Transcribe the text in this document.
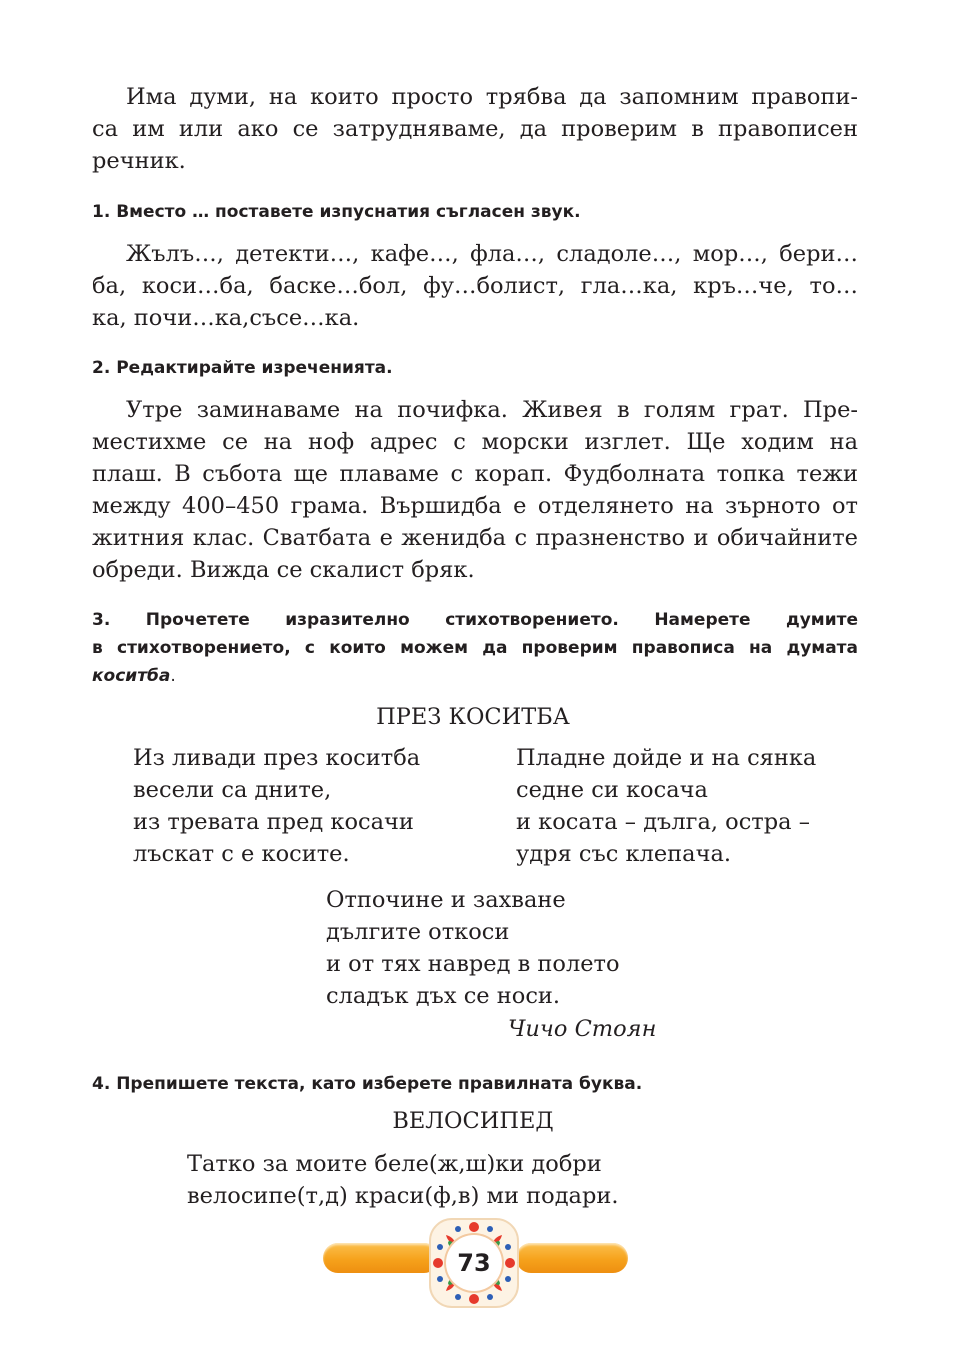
Има думи, на които просто трябва да запомним правопи-
са им или ако се затрудняваме, да проверим в правописен
речник.
1. Вместо … поставете изпуснатия съгласен звук.
Жълъ…, детекти…, кафе…, фла…, сладоле…, мор…, бери…
ба, коси…ба, баске…бол, фу…болист, гла…ка, кръ…че, то…
ка, почи…ка,съсе…ка.
2. Редактирайте изреченията.
Утре заминаваме на почифка. Живея в голям грат. Пре-
местихме се на ноф адрес с морски изглет. Ще ходим на
плаш. В събота ще плаваме с корап. Фудболната топка тежи
между 400–450 грама. Вършидба е отделянето на зърното от
житния клас. Сватбата е женидба с празненство и обичайните
обреди. Вижда се скалист бряк.
3. Прочетете изразително стихотворението. Намерете думите
в стихотворението, с които можем да проверим правописа на думата
коситба.
ПРЕЗ КОСИТБА
Из ливади през коситба
весели са дните,
из тревата пред косачи
лъскат с е косите.
Пладне дойде и на сянка
седне си косача
и косата – дълга, остра –
удря със клепача.
Отпочине и захване
дългите откоси
и от тях навред в полето
сладък дъх се носи.
Чичо Стоян
4. Препишете текста, като изберете правилната буква.
ВЕЛОСИПЕД
Татко за моите беле(ж,ш)ки добри
велосипе(т,д) краси(ф,в) ми подари.
73
